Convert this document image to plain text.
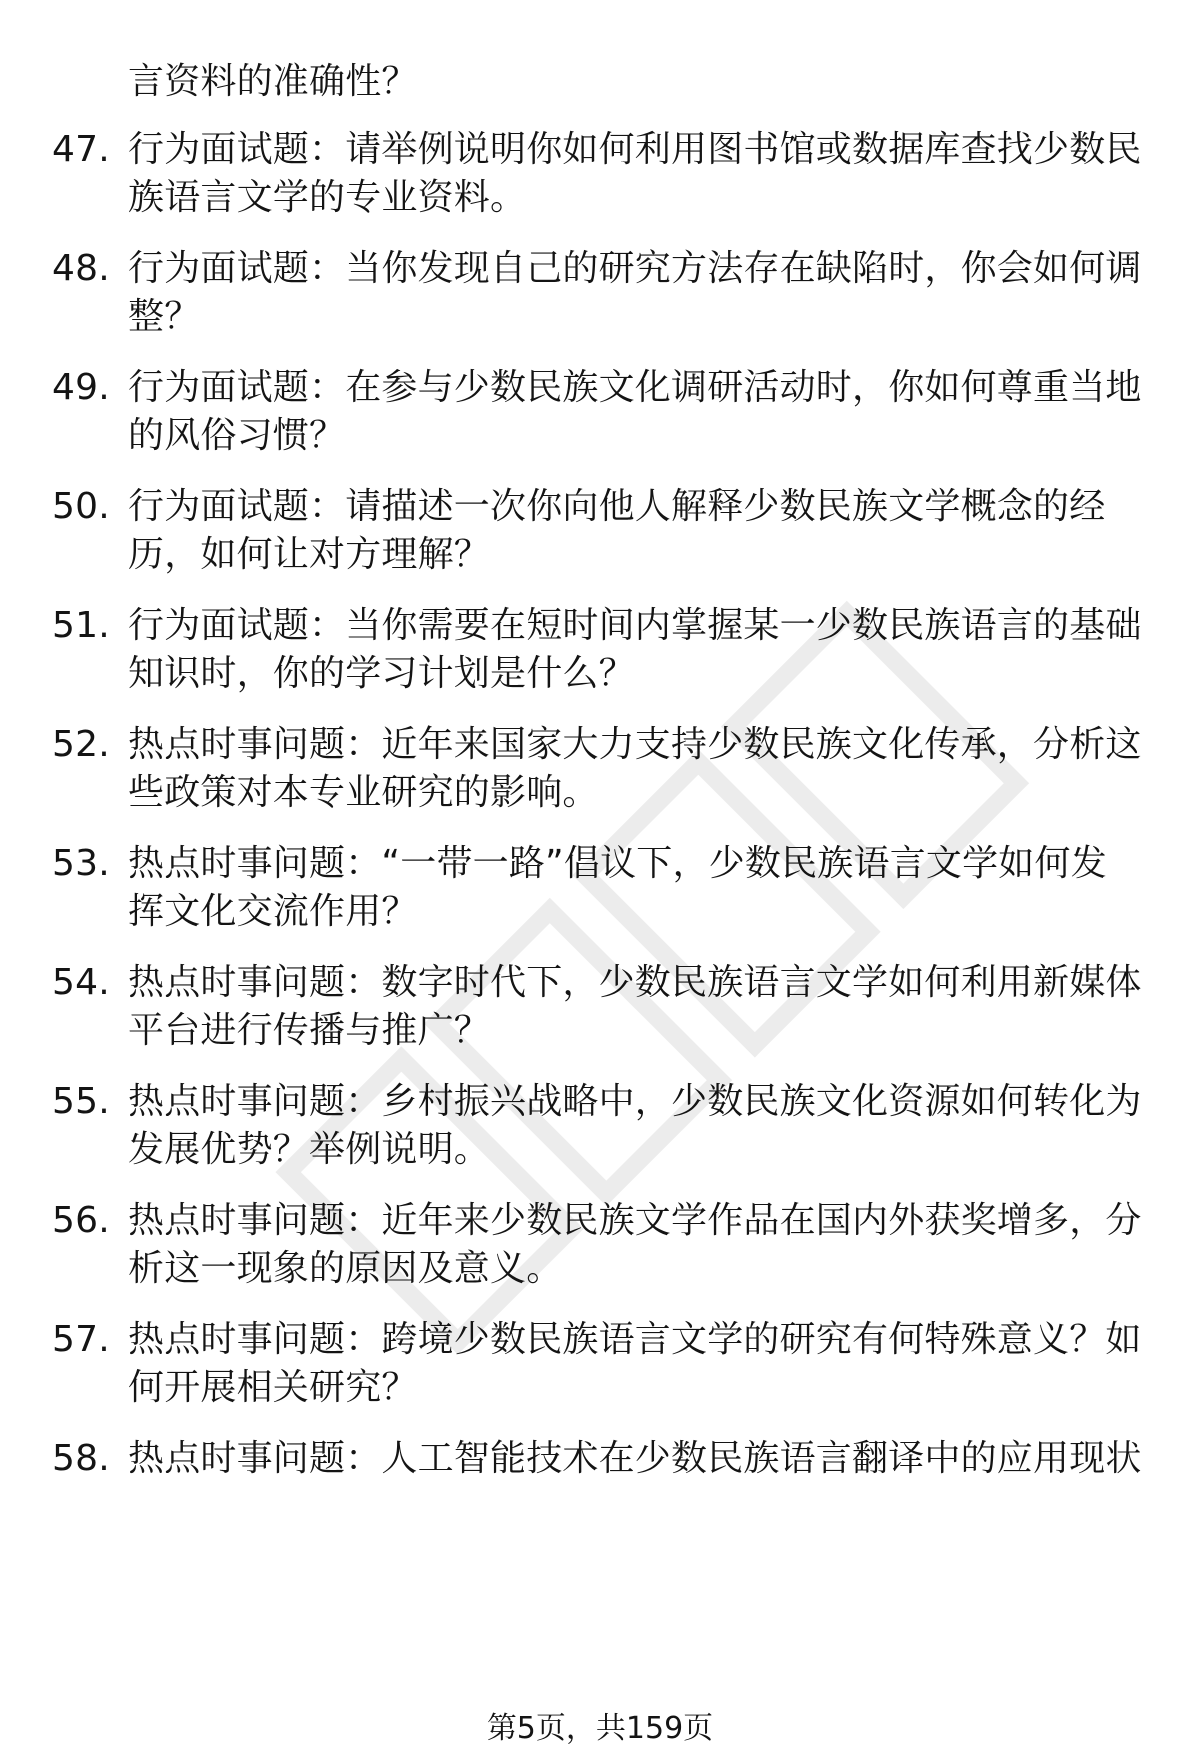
言资料的准确性？

47. 行为面试题：请举例说明你如何利用图书馆或数据库查找少数民

族语言文学的专业资料。

48. 行为面试题：当你发现自己的研究方法存在缺陷时，你会如何调

整？

49. 行为面试题：在参与少数民族文化调研活动时，你如何尊重当地

的风俗习惯？

50. 行为面试题：请描述一次你向他人解释少数民族文学概念的经

历，如何让对方理解？

51. 行为面试题：当你需要在短时间内掌握某一少数民族语言的基础

知识时，你的学习计划是什么？

52. 热点时事问题：近年来国家大力支持少数民族文化传承，分析这

些政策对本专业研究的影响。

53. 热点时事问题：“一带一路”倡议下，少数民族语言文学如何发

挥文化交流作用？

54. 热点时事问题：数字时代下，少数民族语言文学如何利用新媒体

平台进行传播与推广？

55. 热点时事问题：乡村振兴战略中，少数民族文化资源如何转化为

发展优势？举例说明。

56. 热点时事问题：近年来少数民族文学作品在国内外获奖增多，分

析这一现象的原因及意义。

57. 热点时事问题：跨境少数民族语言文学的研究有何特殊意义？如

何开展相关研究？

58. 热点时事问题：人工智能技术在少数民族语言翻译中的应用现状

第5页，共159页
